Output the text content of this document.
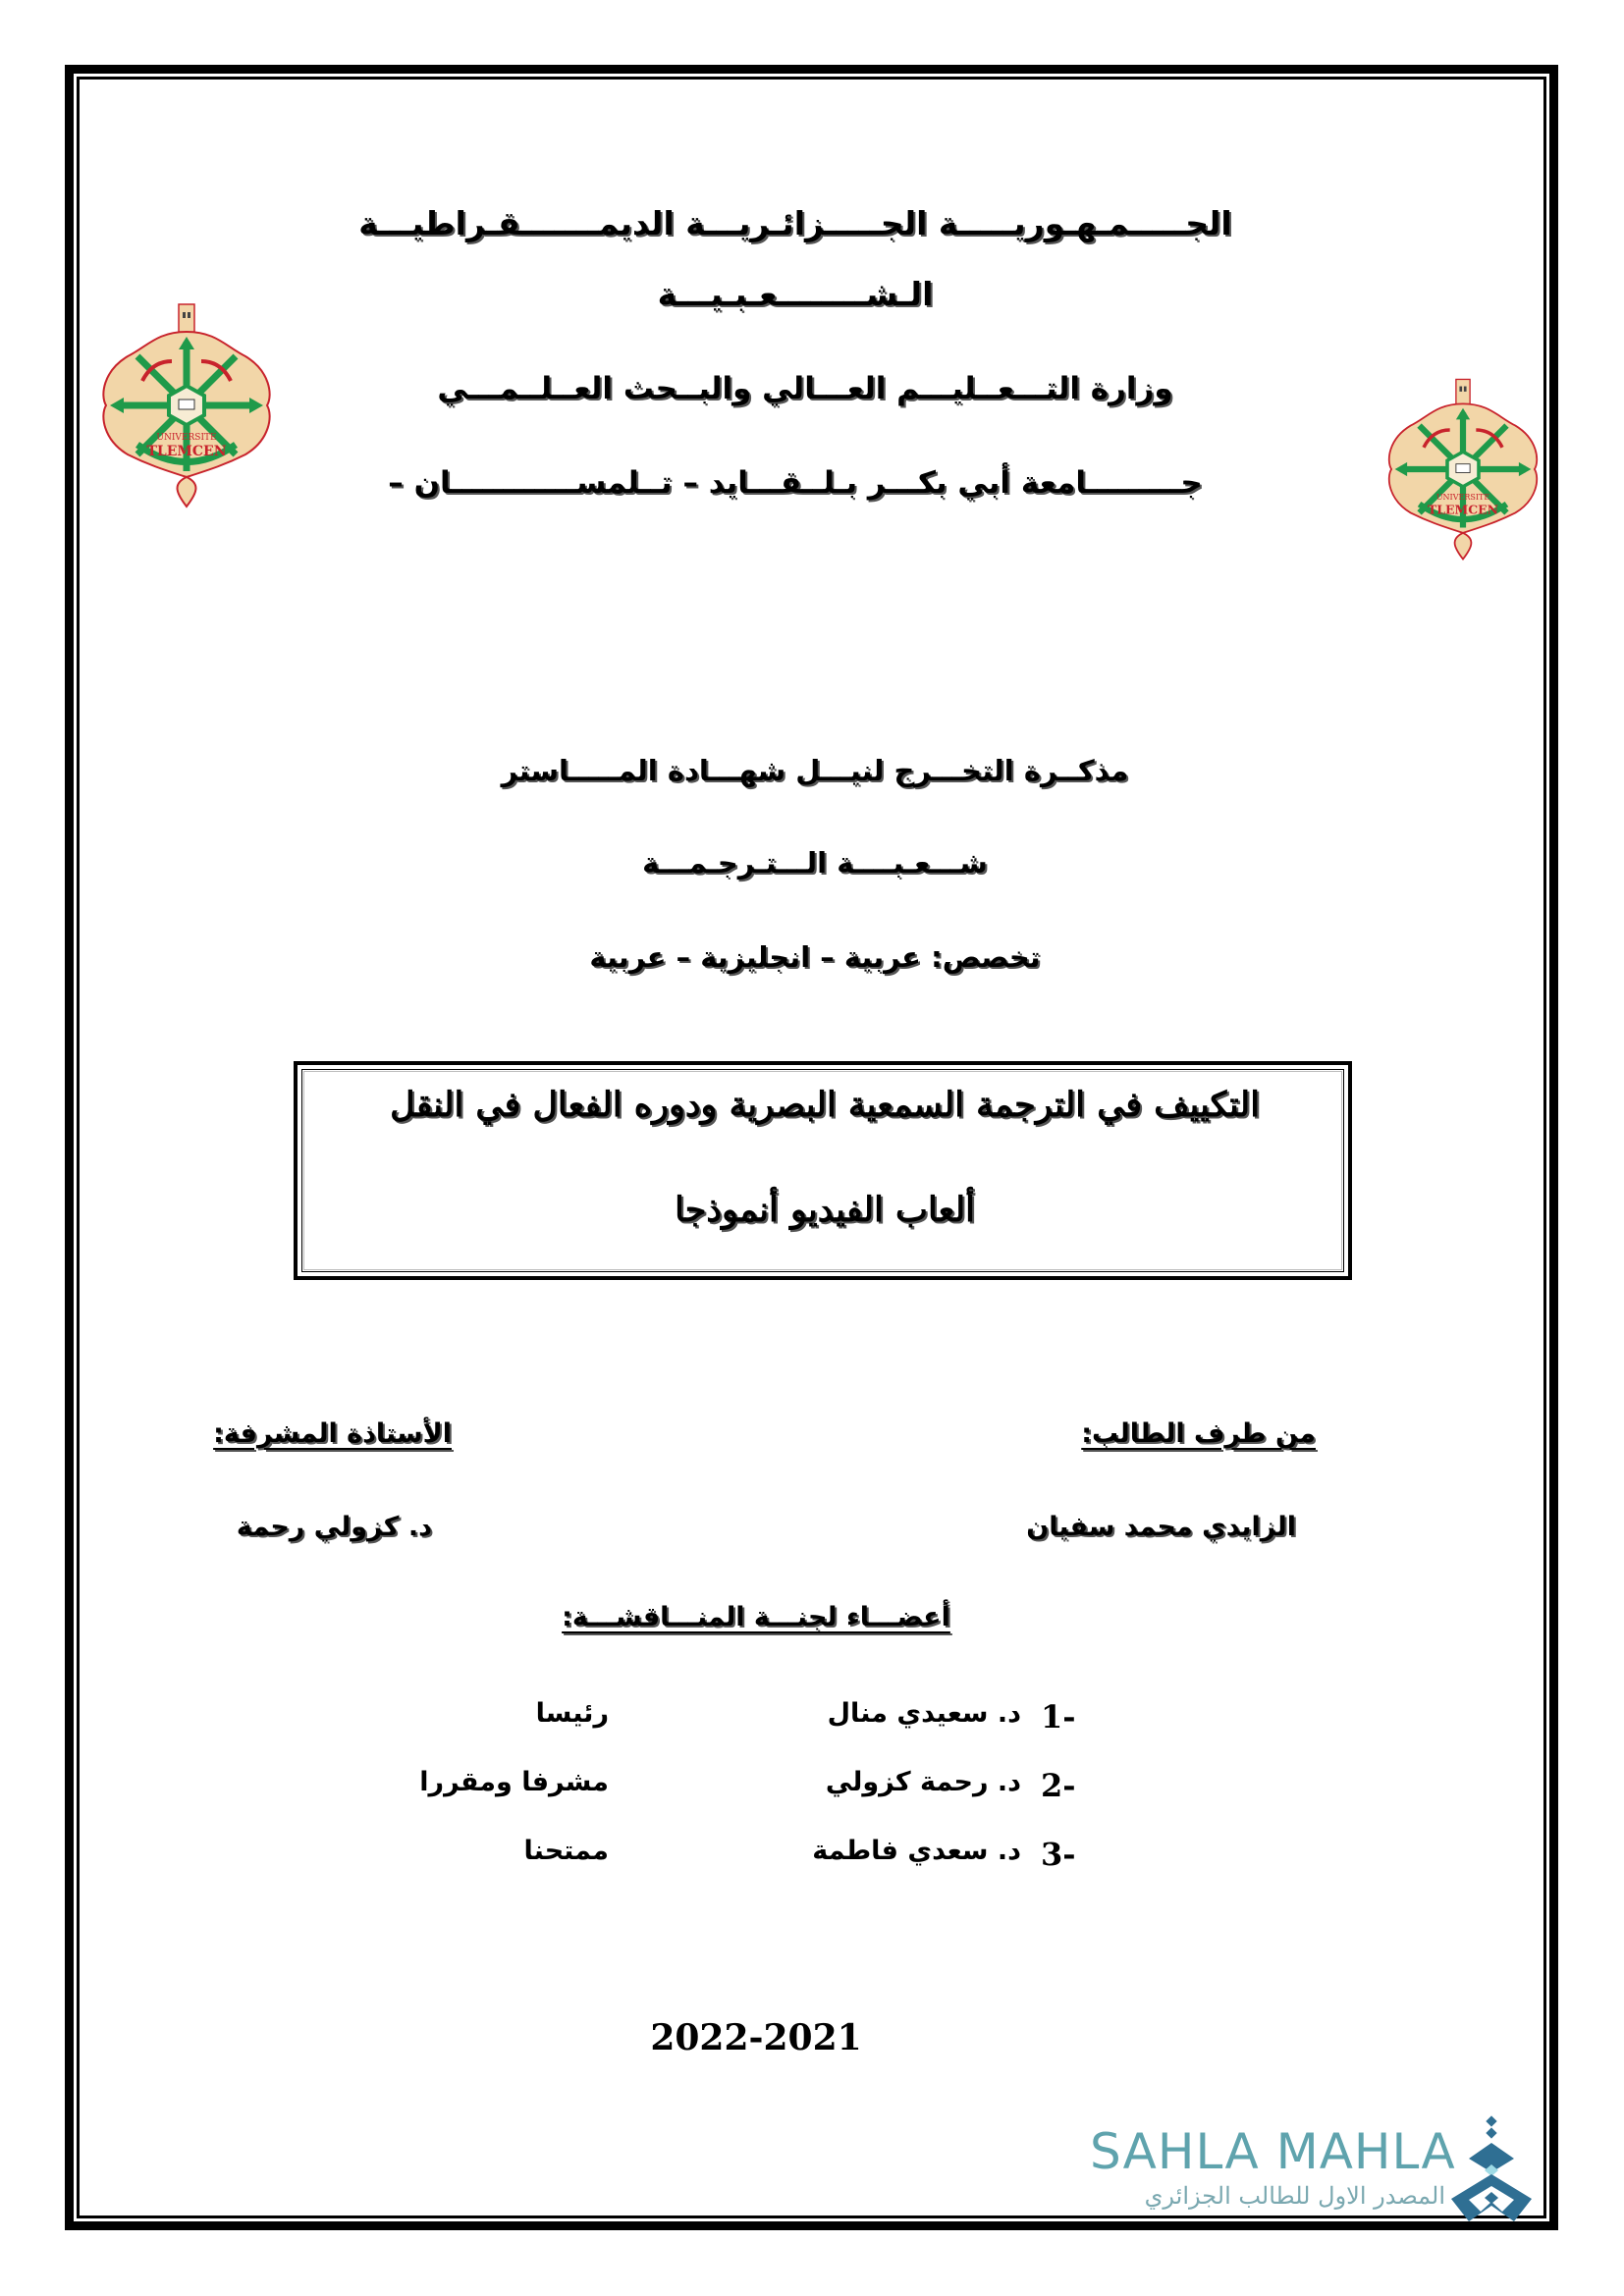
UNIVERSITE
TLEMCEN
UNIVERSITE
TLEMCEN
الجـــــمـهـوريـــــة الجـــــزائـريـــة الديمـــــــقـراطيـــة
الـشــــــــعـبـيـــة
وزارة التـــعــليـــم العـــالي والبــحث العــلــمـــي
جـــــــــامعة أبي بكـــر بـلــقـــايد – تــلمســــــــــــان –
مذكــرة التخـــرج لنيـــل شهـــادة المـــــاستر
شـــعـبــــة الـــتـرجـمـــة
تخصص: عربية – انجليزية – عربية
التكييف في الترجمة السمعية البصرية ودوره الفعال في النقل
ألعاب الفيديو أنموذجا
من طرف الطالب:
الأستاذة المشرفة:
الزايدي محمد سفيان
د. كزولي رحمة
أعضـــاء لجنـــة المنـــاقشـــة:
1-
د. سعيدي منال
رئيسا
2-
د. رحمة كزولي
مشرفا ومقررا
3-
د. سعدي فاطمة
ممتحنا
2022-2021
SAHLA MAHLA
المصدر الاول للطالب الجزائري
